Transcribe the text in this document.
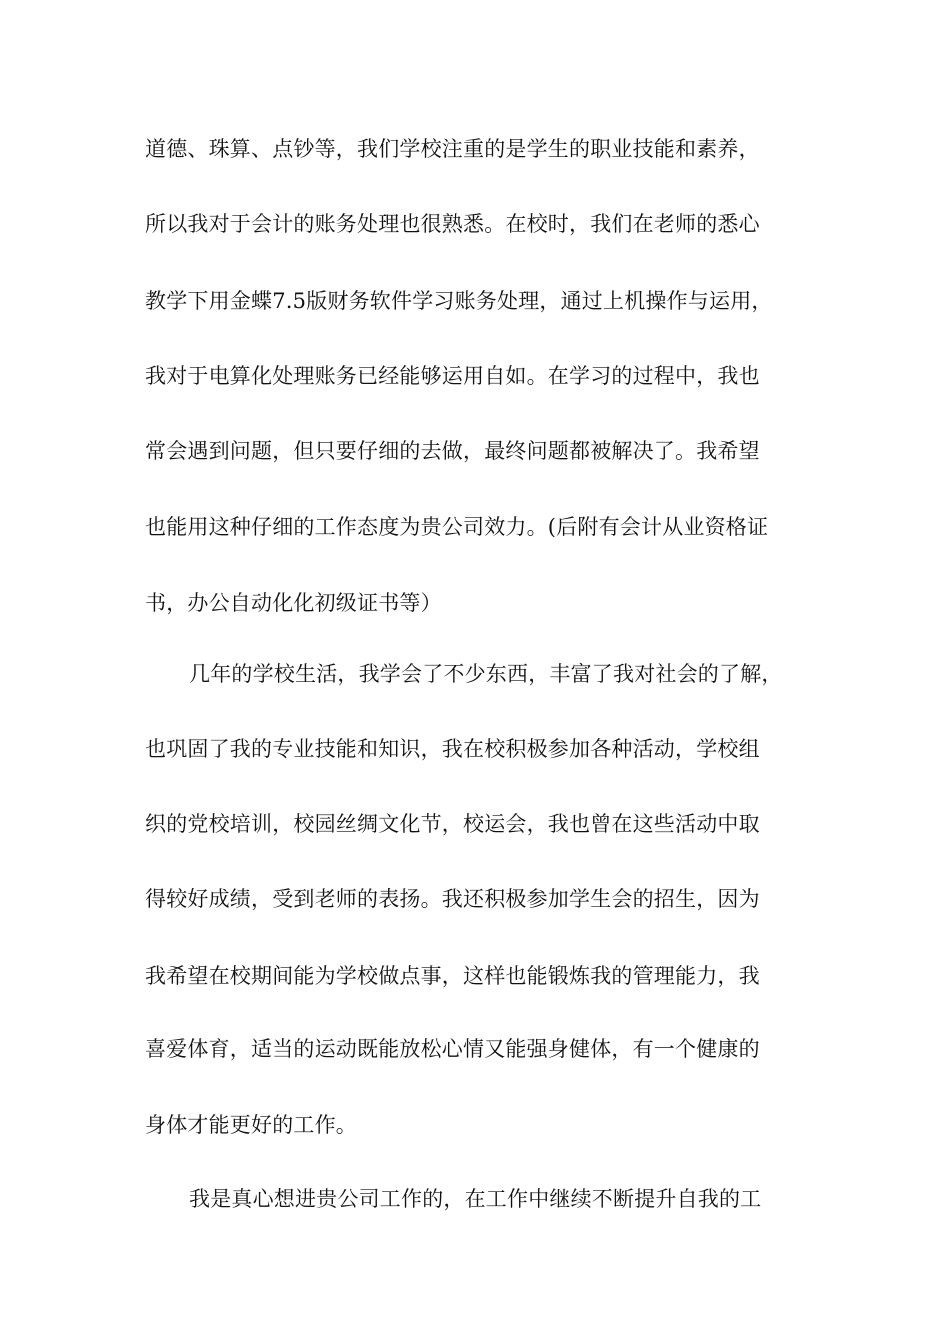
道德、珠算、点钞等，我们学校注重的是学生的职业技能和素养，
所以我对于会计的账务处理也很熟悉。在校时，我们在老师的悉心
教学下用金蝶7.5版财务软件学习账务处理，通过上机操作与运用，
我对于电算化处理账务已经能够运用自如。在学习的过程中，我也
常会遇到问题，但只要仔细的去做，最终问题都被解决了。我希望
也能用这种仔细的工作态度为贵公司效力。(后附有会计从业资格证
书，办公自动化化初级证书等）
几年的学校生活，我学会了不少东西，丰富了我对社会的了解，
也巩固了我的专业技能和知识，我在校积极参加各种活动，学校组
织的党校培训，校园丝绸文化节，校运会，我也曾在这些活动中取
得较好成绩，受到老师的表扬。我还积极参加学生会的招生，因为
我希望在校期间能为学校做点事，这样也能锻炼我的管理能力，我
喜爱体育，适当的运动既能放松心情又能强身健体，有一个健康的
身体才能更好的工作。
我是真心想进贵公司工作的，在工作中继续不断提升自我的工
